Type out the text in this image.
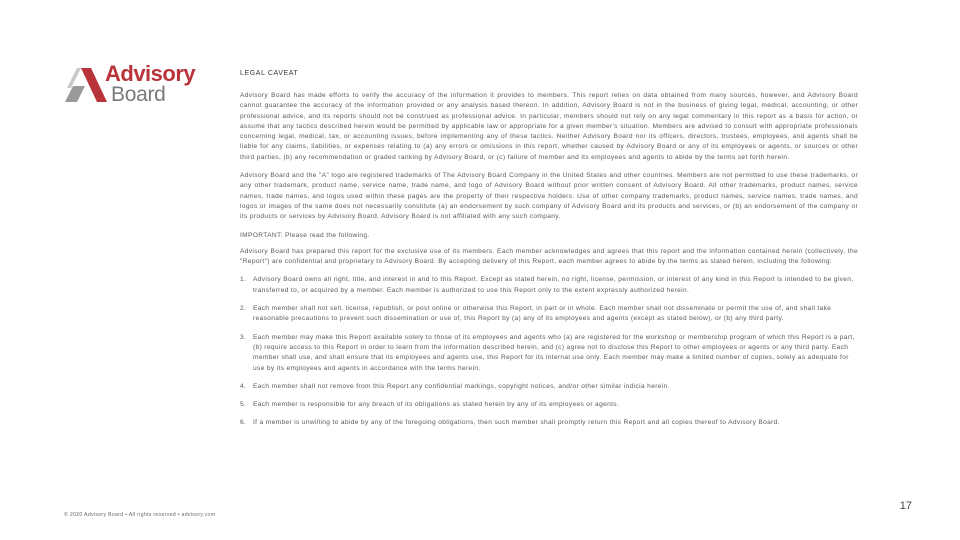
Advisory
Board
LEGAL CAVEAT

Advisory Board has made efforts to verify the accuracy of the information it provides to members. This report relies on data obtained from many sources, however, and Advisory Board cannot guarantee the accuracy of the information provided or any analysis based thereon. In addition, Advisory Board is not in the business of giving legal, medical, accounting, or other professional advice, and its reports should not be construed as professional advice. In particular, members should not rely on any legal commentary in this report as a basis for action, or assume that any tactics described herein would be permitted by applicable law or appropriate for a given member's situation. Members are advised to consult with appropriate professionals concerning legal, medical, tax, or accounting issues, before implementing any of these tactics. Neither Advisory Board nor its officers, directors, trustees, employees, and agents shall be liable for any claims, liabilities, or expenses relating to (a) any errors or omissions in this report, whether caused by Advisory Board or any of its employees or agents, or sources or other third parties, (b) any recommendation or graded ranking by Advisory Board, or (c) failure of member and its employees and agents to abide by the terms set forth herein.

Advisory Board and the "A" logo are registered trademarks of The Advisory Board Company in the United States and other countries. Members are not permitted to use these trademarks, or any other trademark, product name, service name, trade name, and logo of Advisory Board without prior written consent of Advisory Board. All other trademarks, product names, service names, trade names, and logos used within these pages are the property of their respective holders. Use of other company trademarks, product names, service names, trade names, and logos or images of the same does not necessarily constitute (a) an endorsement by such company of Advisory Board and its products and services, or (b) an endorsement of the company or its products or services by Advisory Board. Advisory Board is not affiliated with any such company.

IMPORTANT: Please read the following.

Advisory Board has prepared this report for the exclusive use of its members. Each member acknowledges and agrees that this report and the information contained herein (collectively, the "Report") are confidential and proprietary to Advisory Board. By accepting delivery of this Report, each member agrees to abide by the terms as stated herein, including the following:

1. Advisory Board owns all right, title, and interest in and to this Report. Except as stated herein, no right, license, permission, or interest of any kind in this Report is intended to be given, transferred to, or acquired by a member. Each member is authorized to use this Report only to the extent expressly authorized herein.
2. Each member shall not sell, license, republish, or post online or otherwise this Report, in part or in whole. Each member shall not disseminate or permit the use of, and shall take reasonable precautions to prevent such dissemination or use of, this Report by (a) any of its employees and agents (except as stated below), or (b) any third party.
3. Each member may make this Report available solely to those of its employees and agents who (a) are registered for the workshop or membership program of which this Report is a part, (b) require access to this Report in order to learn from the information described herein, and (c) agree not to disclose this Report to other employees or agents or any third party. Each member shall use, and shall ensure that its employees and agents use, this Report for its internal use only. Each member may make a limited number of copies, solely as adequate for use by its employees and agents in accordance with the terms herein.
4. Each member shall not remove from this Report any confidential markings, copyright notices, and/or other similar indicia herein.
5. Each member is responsible for any breach of its obligations as stated herein by any of its employees or agents.
6. If a member is unwilling to abide by any of the foregoing obligations, then such member shall promptly return this Report and all copies thereof to Advisory Board.
© 2020 Advisory Board • All rights reserved • advisory.com
17
